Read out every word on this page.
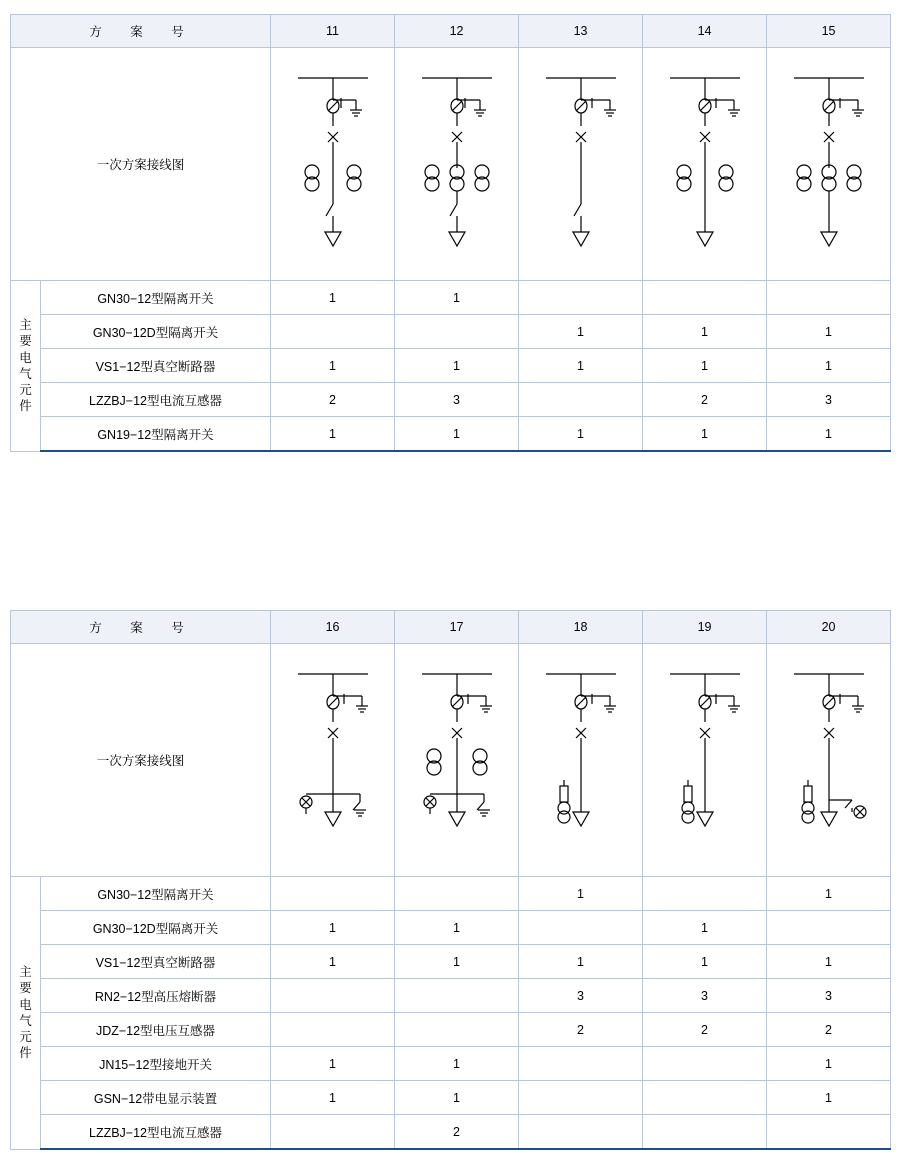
方　案　号		11	12	13	14	15
一次方案接线图	

主要电气元件	GN30−12型隔离开关	1	1			
	GN30−12D型隔离开关			1	1	1
	VS1−12型真空断路器	1	1	1	1	1
	LZZBJ−12型电流互感器	2	3		2	3
	GN19−12型隔离开关	1	1	1	1	1
方　案　号		16	17	18	19	20
一次方案接线图	

主要电气元件	GN30−12型隔离开关			1		1
	GN30−12D型隔离开关	1	1		1	
	VS1−12型真空断路器	1	1	1	1	1
	RN2−12型高压熔断器			3	3	3
	JDZ−12型电压互感器			2	2	2
	JN15−12型接地开关	1	1			1
	GSN−12带电显示装置	1	1			1
	LZZBJ−12型电流互感器		2			
